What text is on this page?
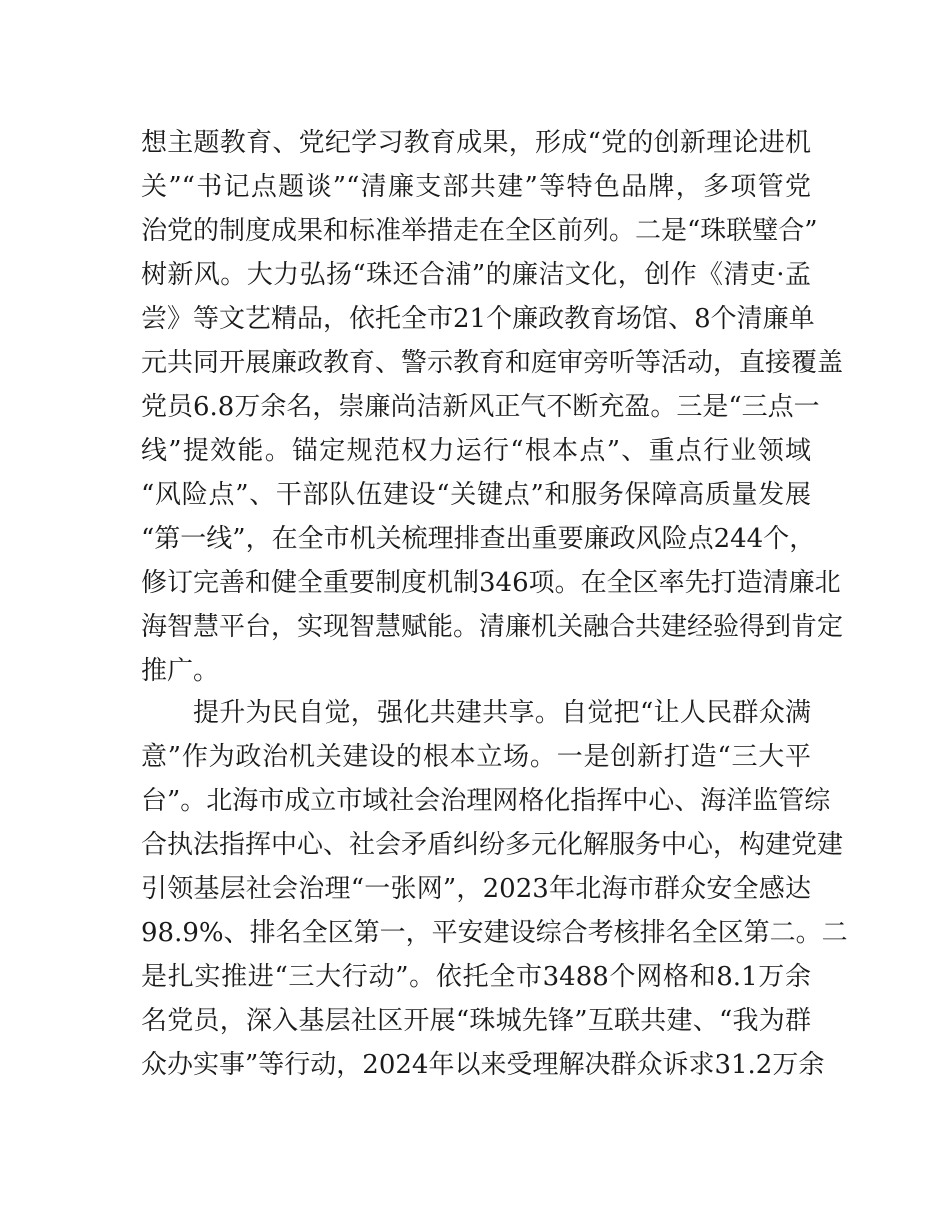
想主题教育、党纪学习教育成果，形成“党的创新理论进机
关”“书记点题谈”“清廉支部共建”等特色品牌，多项管党
治党的制度成果和标准举措走在全区前列。二是“珠联璧合”
树新风。大力弘扬“珠还合浦”的廉洁文化，创作《清吏·孟
尝》等文艺精品，依托全市21个廉政教育场馆、8个清廉单
元共同开展廉政教育、警示教育和庭审旁听等活动，直接覆盖
党员6.8万余名，崇廉尚洁新风正气不断充盈。三是“三点一
线”提效能。锚定规范权力运行“根本点”、重点行业领域
“风险点”、干部队伍建设“关键点”和服务保障高质量发展
“第一线”，在全市机关梳理排查出重要廉政风险点244个，
修订完善和健全重要制度机制346项。在全区率先打造清廉北
海智慧平台，实现智慧赋能。清廉机关融合共建经验得到肯定
推广。
提升为民自觉，强化共建共享。自觉把“让人民群众满
意”作为政治机关建设的根本立场。一是创新打造“三大平
台”。北海市成立市域社会治理网格化指挥中心、海洋监管综
合执法指挥中心、社会矛盾纠纷多元化解服务中心，构建党建
引领基层社会治理“一张网”，2023年北海市群众安全感达
98.9%、排名全区第一，平安建设综合考核排名全区第二。二
是扎实推进“三大行动”。依托全市3488个网格和8.1万余
名党员，深入基层社区开展“珠城先锋”互联共建、“我为群
众办实事”等行动，2024年以来受理解决群众诉求31.2万余
